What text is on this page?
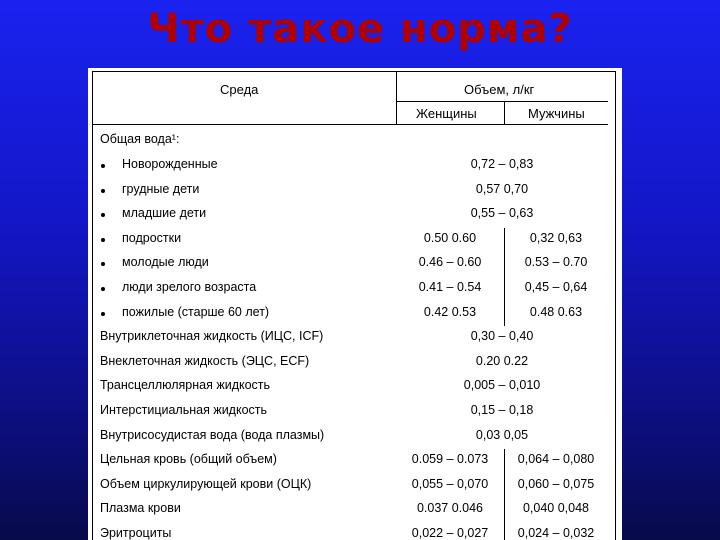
Что такое норма?
Среда	Объем, л/кг
Женщины	Мужчины
Общая вода¹:
Новорожденные	0,72 – 0,83
грудные дети	0,57 0,70
младшие дети	0,55 – 0,63
подростки	0.50 0.60	0,32 0,63
молодые люди	0.46 – 0.60	0.53 – 0.70
люди зрелого возраста	0.41 – 0.54	0,45 – 0,64
пожилые (старше 60 лет)	0.42 0.53	0.48 0.63
Внутриклеточная жидкость (ИЦС, ICF)	0,30 – 0,40
Внеклеточная жидкость (ЭЦС, ECF)	0.20 0.22
Трансцеллюлярная жидкость	0,005 – 0,010
Интерстициальная жидкость	0,15 – 0,18
Внутрисосудистая вода (вода плазмы)	0,03 0,05
Цельная кровь (общий объем)	0.059 – 0.073	0,064 – 0,080
Объем циркулирующей крови (ОЦК)	0,055 – 0,070	0,060 – 0,075
Плазма крови	0.037 0.046	0,040 0,048
Эритроциты	0,022 – 0,027	0,024 – 0,032
